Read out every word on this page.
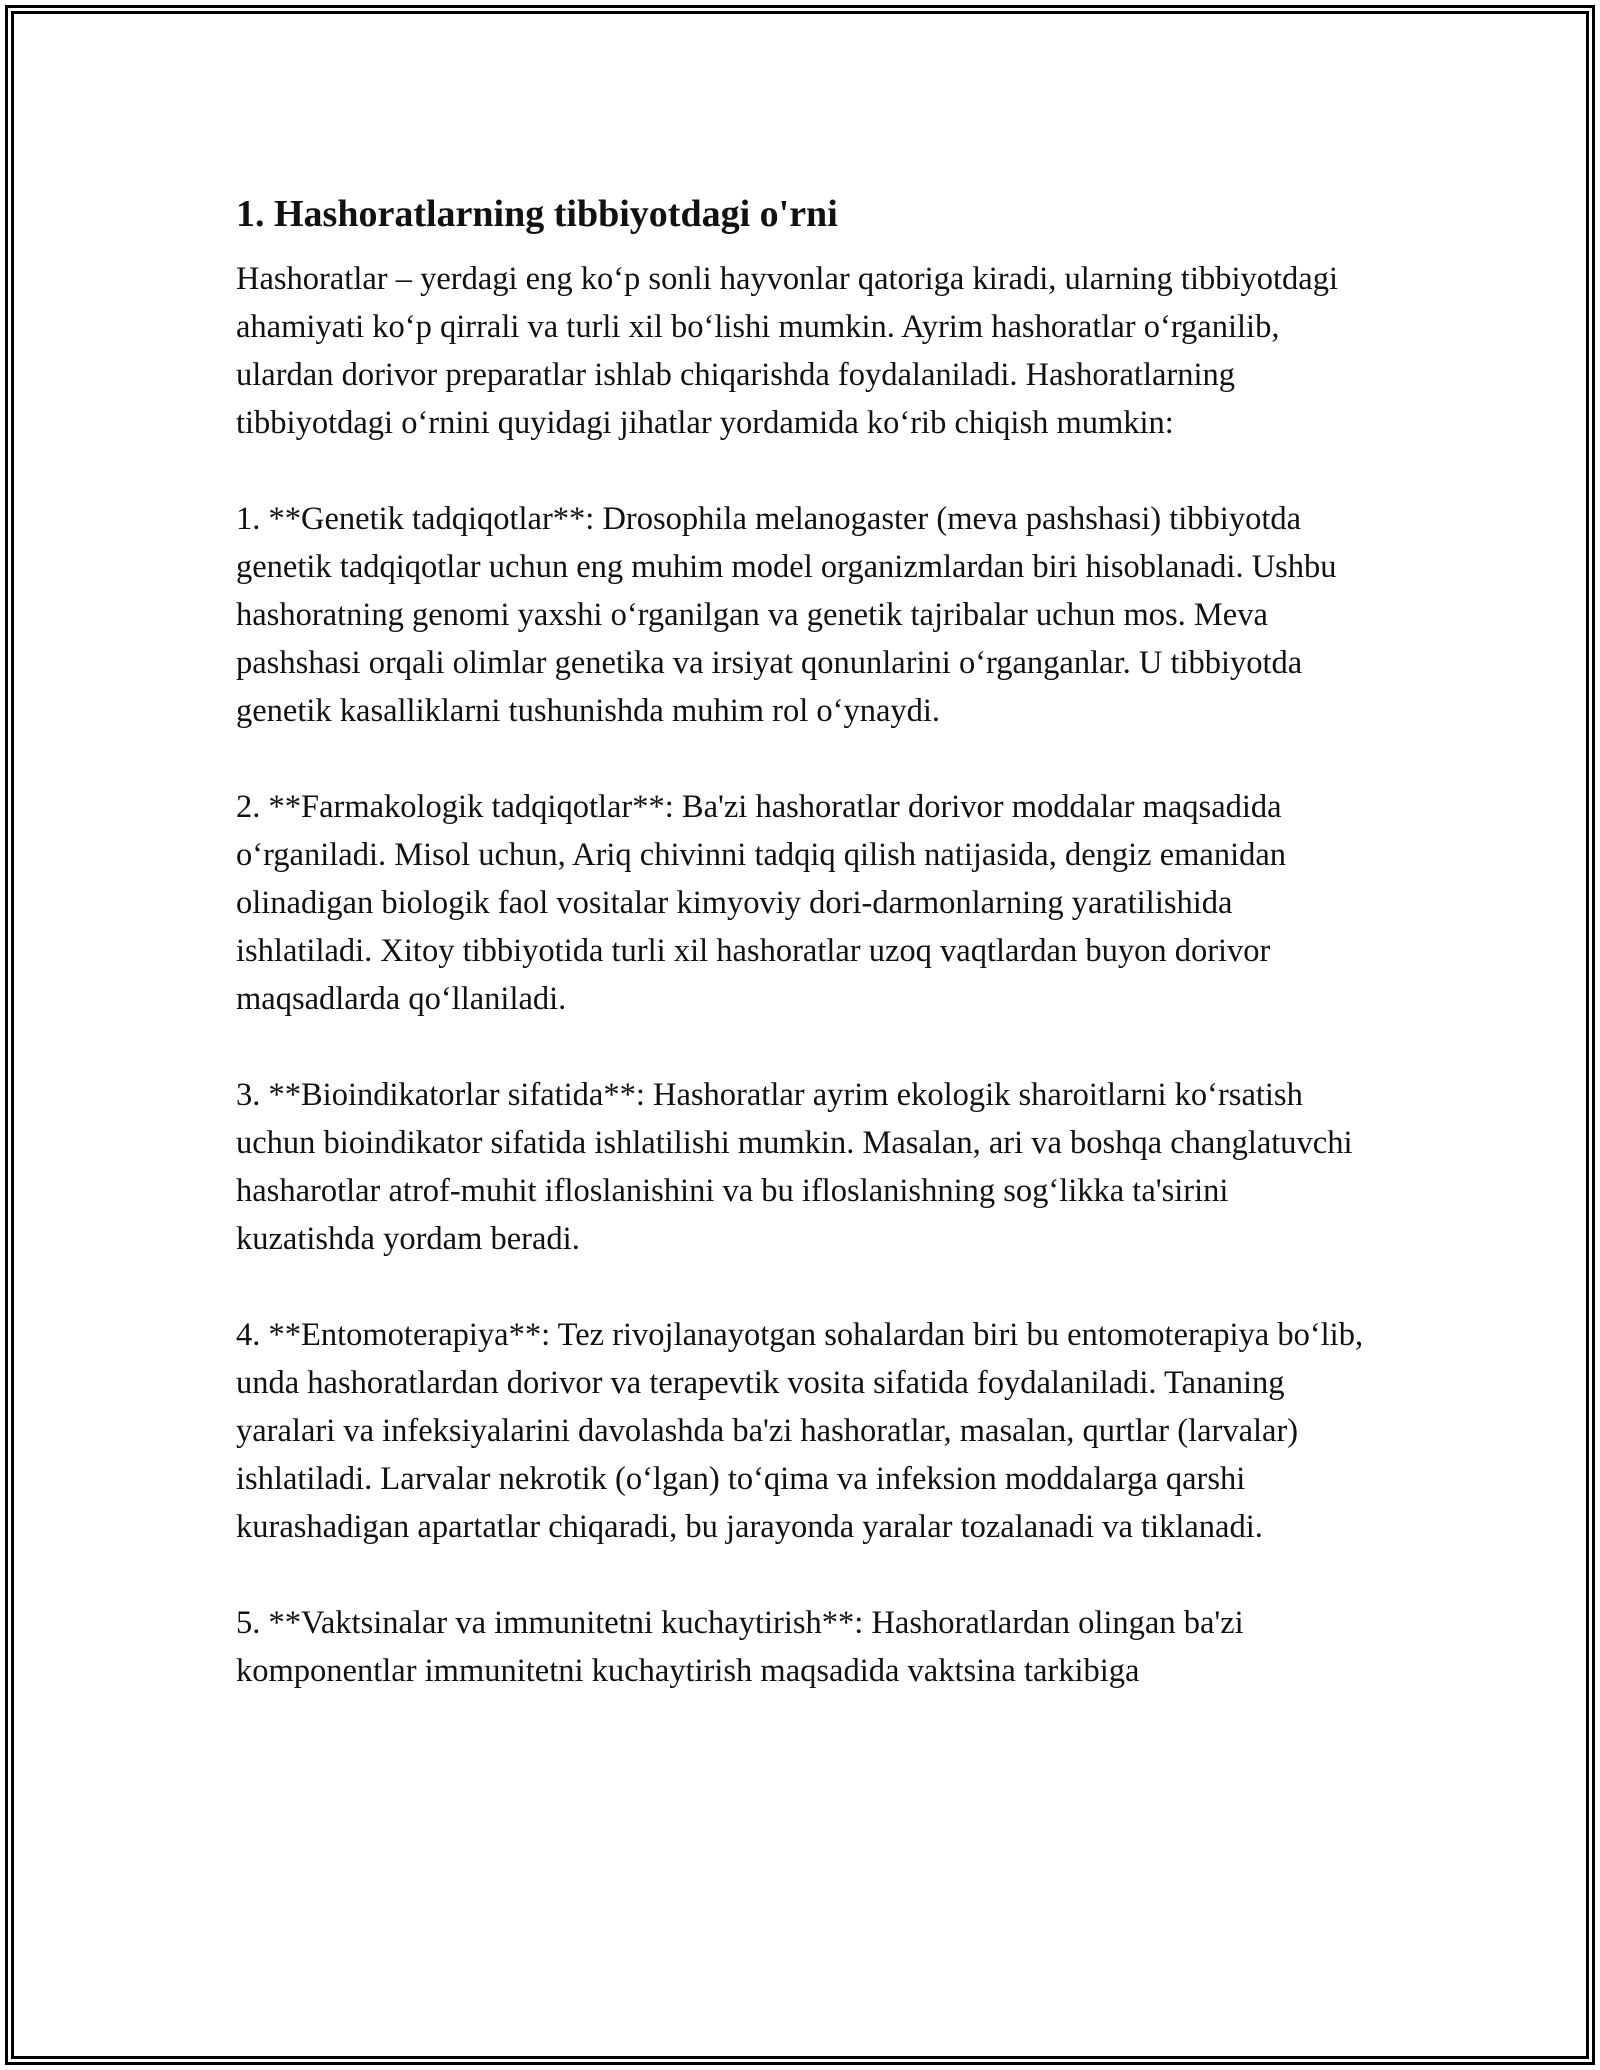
1. Hashoratlarning tibbiyotdagi o'rni

Hashoratlar – yerdagi eng ko‘p sonli hayvonlar qatoriga kiradi, ularning tibbiyotdagi ahamiyati ko‘p qirrali va turli xil bo‘lishi mumkin. Ayrim hashoratlar o‘rganilib, ulardan dorivor preparatlar ishlab chiqarishda foydalaniladi. Hashoratlarning tibbiyotdagi o‘rnini quyidagi jihatlar yordamida ko‘rib chiqish mumkin:

1. **Genetik tadqiqotlar**: Drosophila melanogaster (meva pashshasi) tibbiyotda genetik tadqiqotlar uchun eng muhim model organizmlardan biri hisoblanadi. Ushbu hashoratning genomi yaxshi o‘rganilgan va genetik tajribalar uchun mos. Meva pashshasi orqali olimlar genetika va irsiyat qonunlarini o‘rganganlar. U tibbiyotda genetik kasalliklarni tushunishda muhim rol o‘ynaydi.

2. **Farmakologik tadqiqotlar**: Ba'zi hashoratlar dorivor moddalar maqsadida o‘rganiladi. Misol uchun, Ariq chivinni tadqiq qilish natijasida, dengiz emanidan olinadigan biologik faol vositalar kimyoviy dori-darmonlarning yaratilishida ishlatiladi. Xitoy tibbiyotida turli xil hashoratlar uzoq vaqtlardan buyon dorivor maqsadlarda qo‘llaniladi.

3. **Bioindikatorlar sifatida**: Hashoratlar ayrim ekologik sharoitlarni ko‘rsatish uchun bioindikator sifatida ishlatilishi mumkin. Masalan, ari va boshqa changlatuvchi hasharotlar atrof-muhit ifloslanishini va bu ifloslanishning sog‘likka ta'sirini kuzatishda yordam beradi.

4. **Entomoterapiya**: Tez rivojlanayotgan sohalardan biri bu entomoterapiya bo‘lib, unda hashoratlardan dorivor va terapevtik vosita sifatida foydalaniladi. Tananing yaralari va infeksiyalarini davolashda ba'zi hashoratlar, masalan, qurtlar (larvalar) ishlatiladi. Larvalar nekrotik (o‘lgan) to‘qima va infeksion moddalarga qarshi kurashadigan apartatlar chiqaradi, bu jarayonda yaralar tozalanadi va tiklanadi.

5. **Vaktsinalar va immunitetni kuchaytirish**: Hashoratlardan olingan ba'zi komponentlar immunitetni kuchaytirish maqsadida vaktsina tarkibiga
